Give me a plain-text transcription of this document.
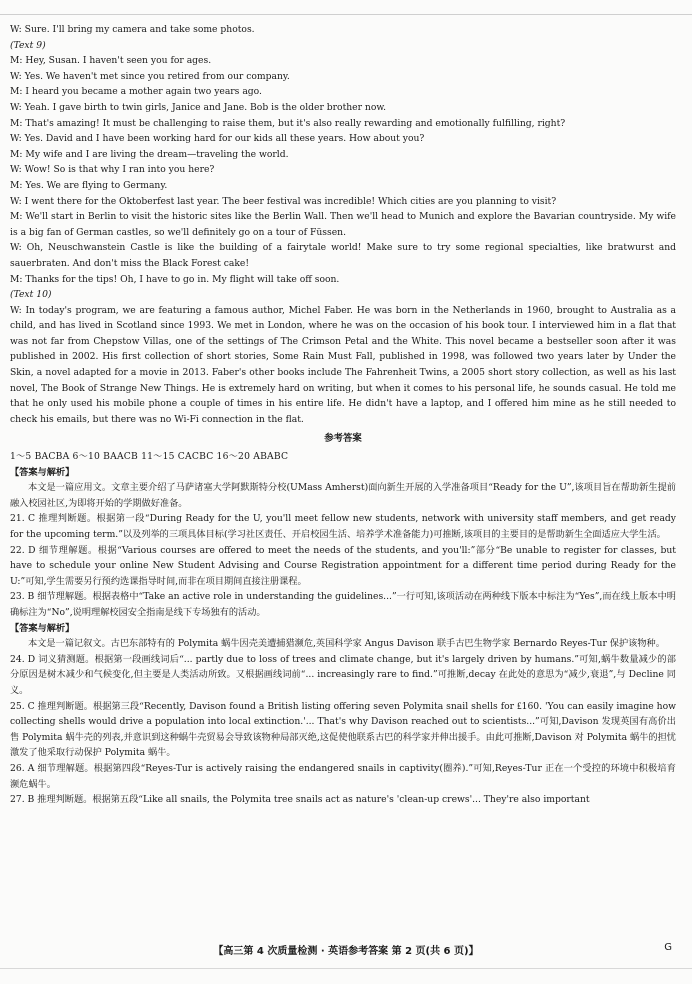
W: Sure. I'll bring my camera and take some photos.
(Text 9)
M: Hey, Susan. I haven't seen you for ages.
W: Yes. We haven't met since you retired from our company.
M: I heard you became a mother again two years ago.
W: Yeah. I gave birth to twin girls, Janice and Jane. Bob is the older brother now.
M: That's amazing! It must be challenging to raise them, but it's also really rewarding and emotionally fulfilling, right?
W: Yes. David and I have been working hard for our kids all these years. How about you?
M: My wife and I are living the dream—traveling the world.
W: Wow! So is that why I ran into you here?
M: Yes. We are flying to Germany.
W: I went there for the Oktoberfest last year. The beer festival was incredible! Which cities are you planning to visit?
M: We'll start in Berlin to visit the historic sites like the Berlin Wall. Then we'll head to Munich and explore the Bavarian countryside. My wife is a big fan of German castles, so we'll definitely go on a tour of Füssen.
W: Oh, Neuschwanstein Castle is like the building of a fairytale world! Make sure to try some regional specialties, like bratwurst and sauerbraten. And don't miss the Black Forest cake!
M: Thanks for the tips! Oh, I have to go in. My flight will take off soon.
(Text 10)
W: In today's program, we are featuring a famous author, Michel Faber. He was born in the Netherlands in 1960, brought to Australia as a child, and has lived in Scotland since 1993. We met in London, where he was on the occasion of his book tour. I interviewed him in a flat that was not far from Chepstow Villas, one of the settings of The Crimson Petal and the White. This novel became a bestseller soon after it was published in 2002. His first collection of short stories, Some Rain Must Fall, published in 1998, was followed two years later by Under the Skin, a novel adapted for a movie in 2013. Faber's other books include The Fahrenheit Twins, a 2005 short story collection, as well as his last novel, The Book of Strange New Things. He is extremely hard on writing, but when it comes to his personal life, he sounds casual. He told me that he only used his mobile phone a couple of times in his entire life. He didn't have a laptop, and I offered him mine as he still needed to check his emails, but there was no Wi-Fi connection in the flat.
参考答案
1～5 BACBA 6～10 BAACB 11～15 CACBC 16～20 ABABC
【答案与解析】
本文是一篇应用文。文章主要介绍了马萨诸塞大学阿默斯特分校(UMass Amherst)面向新生开展的入学准备项目“Ready for the U”,该项目旨在帮助新生提前融入校园社区,为即将开始的学期做好准备。
21. C 推理判断题。根据第一段“During Ready for the U, you'll meet fellow new students, network with university staff members, and get ready for the upcoming term.”以及列举的三项具体目标(学习社区责任、开启校园生活、培养学术准备能力)可推断,该项目的主要目的是帮助新生全面适应大学生活。
22. D 细节理解题。根据“Various courses are offered to meet the needs of the students, and you'll:”部分“Be unable to register for classes, but have to schedule your online New Student Advising and Course Registration appointment for a different time period during Ready for the U:”可知,学生需要另行预约选课指导时间,而非在项目期间直接注册课程。
23. B 细节理解题。根据表格中“Take an active role in understanding the guidelines...”一行可知,该项活动在两种线下版本中标注为“Yes”,而在线上版本中明确标注为“No”,说明理解校园安全指南是线下专场独有的活动。
【答案与解析】
本文是一篇记叙文。古巴东部特有的 Polymita 蜗牛因壳美遭捕猎濒危,英国科学家 Angus Davison 联手古巴生物学家 Bernardo Reyes-Tur 保护该物种。
24. D 词义猜测题。根据第一段画线词后“... partly due to loss of trees and climate change, but it's largely driven by humans.”可知,蜗牛数量减少的部分原因是树木减少和气候变化,但主要是人类活动所致。又根据画线词前“... increasingly rare to find.”可推断,decay 在此处的意思为“减少,衰退”,与 Decline 同义。
25. C 推理判断题。根据第三段“Recently, Davison found a British listing offering seven Polymita snail shells for ₤160. 'You can easily imagine how collecting shells would drive a population into local extinction.'... That's why Davison reached out to scientists...”可知,Davison 发现英国有高价出售 Polymita 蜗牛壳的列表,并意识到这种蜗牛壳贸易会导致该物种局部灭绝,这促使他联系古巴的科学家并伸出援手。由此可推断,Davison 对 Polymita 蜗牛的担忧激发了他采取行动保护 Polymita 蜗牛。
26. A 细节理解题。根据第四段“Reyes-Tur is actively raising the endangered snails in captivity(圈养).”可知,Reyes-Tur 正在一个受控的环境中积极培育濒危蜗牛。
27. B 推理判断题。根据第五段“Like all snails, the Polymita tree snails act as nature's 'clean-up crews'... They're also important
【高三第 4 次质量检测 · 英语参考答案 第 2 页(共 6 页)】	G
